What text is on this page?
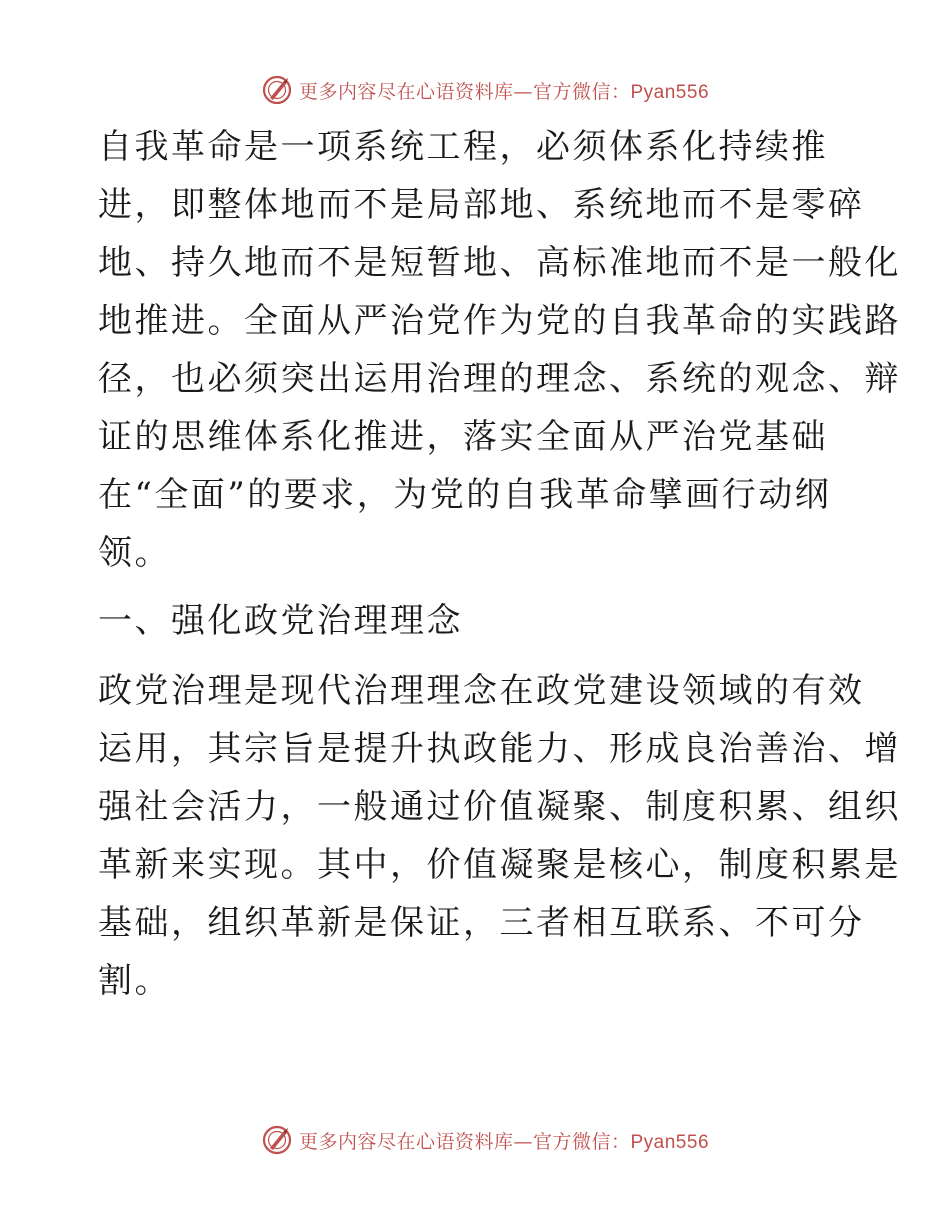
更多内容尽在心语资料库—官方微信：Pyan556

自我革命是一项系统工程，必须体系化持续推
进，即整体地而不是局部地、系统地而不是零碎
地、持久地而不是短暂地、高标准地而不是一般化
地推进。全面从严治党作为党的自我革命的实践路
径，也必须突出运用治理的理念、系统的观念、辩
证的思维体系化推进，落实全面从严治党基础
在“全面”的要求，为党的自我革命擘画行动纲
领。

一、强化政党治理理念

政党治理是现代治理理念在政党建设领域的有效
运用，其宗旨是提升执政能力、形成良治善治、增
强社会活力，一般通过价值凝聚、制度积累、组织
革新来实现。其中，价值凝聚是核心，制度积累是
基础，组织革新是保证，三者相互联系、不可分
割。

更多内容尽在心语资料库—官方微信：Pyan556
